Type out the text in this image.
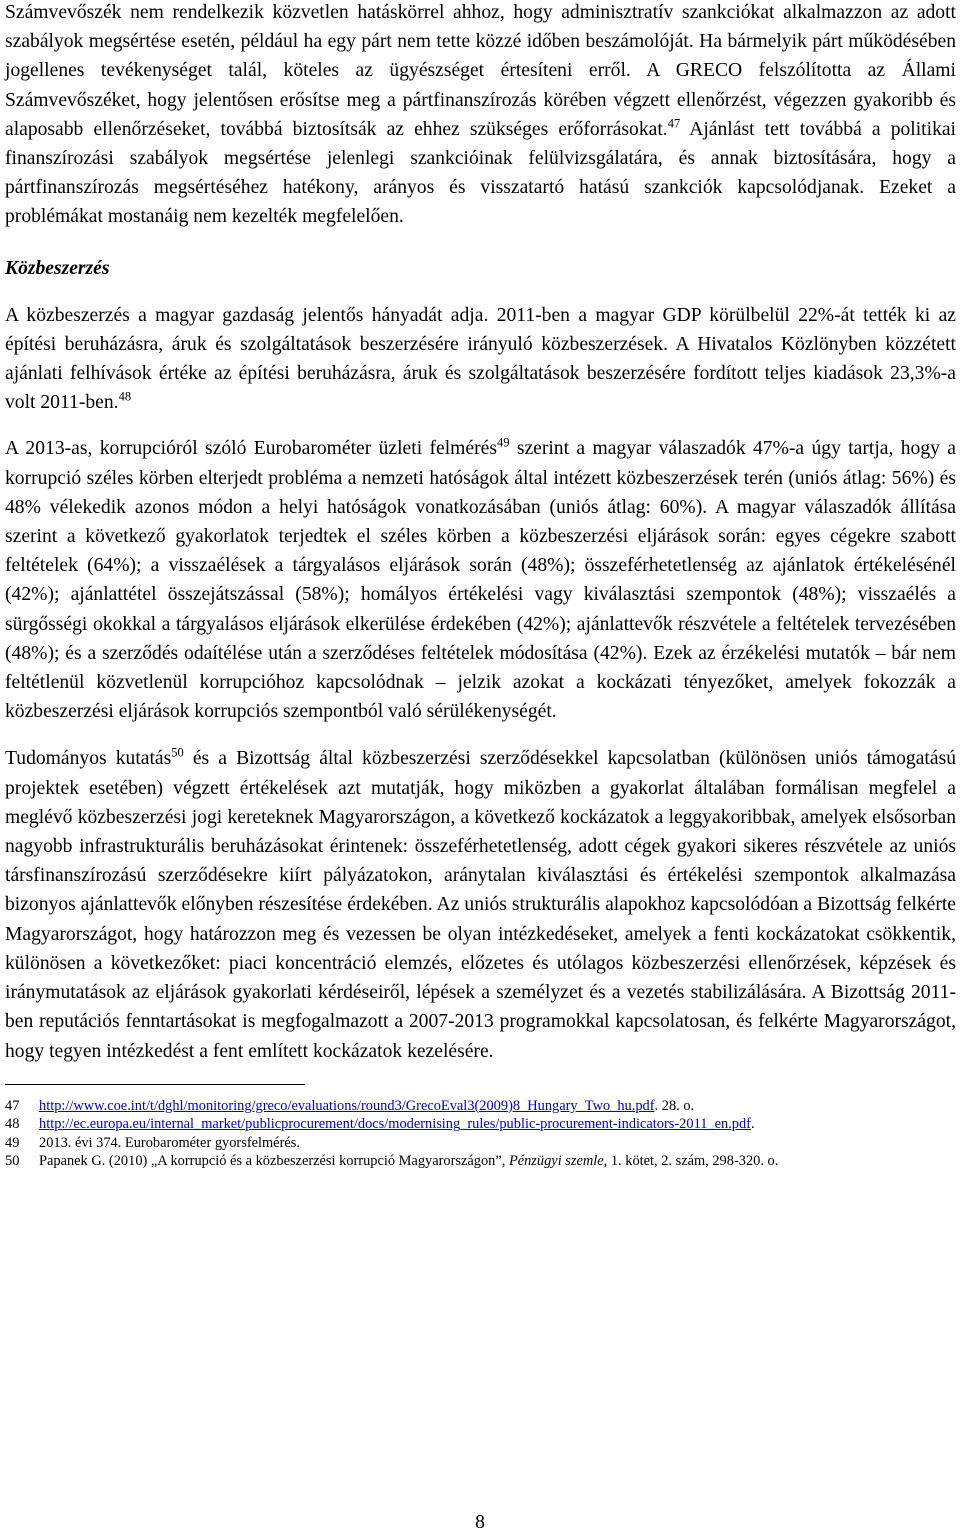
Számvevőszék nem rendelkezik közvetlen hatáskörrel ahhoz, hogy adminisztratív szankciókat alkalmazzon az adott szabályok megsértése esetén, például ha egy párt nem tette közzé időben beszámolóját. Ha bármelyik párt működésében jogellenes tevékenységet talál, köteles az ügyészséget értesíteni erről. A GRECO felszólította az Állami Számvevőszéket, hogy jelentősen erősítse meg a pártfinanszírozás körében végzett ellenőrzést, végezzen gyakoribb és alaposabb ellenőrzéseket, továbbá biztosítsák az ehhez szükséges erőforrásokat.$^{47}$ Ajánlást tett továbbá a politikai finanszírozási szabályok megsértése jelenlegi szankcióinak felülvizsgálatára, és annak biztosítására, hogy a pártfinanszírozás megsértéséhez hatékony, arányos és visszatartó hatású szankciók kapcsolódjanak. Ezeket a problémákat mostanáig nem kezelték megfelelően.

Közbeszerzés

A közbeszerzés a magyar gazdaság jelentős hányadát adja. 2011-ben a magyar GDP körülbelül 22%-át tették ki az építési beruházásra, áruk és szolgáltatások beszerzésére irányuló közbeszerzések. A Hivatalos Közlönyben közzétett ajánlati felhívások értéke az építési beruházásra, áruk és szolgáltatások beszerzésére fordított teljes kiadások 23,3%-a volt 2011-ben.$^{48}$

A 2013-as, korrupcióról szóló Eurobarométer üzleti felmérés$^{49}$ szerint a magyar válaszadók 47%-a úgy tartja, hogy a korrupció széles körben elterjedt probléma a nemzeti hatóságok által intézett közbeszerzések terén (uniós átlag: 56%) és 48% vélekedik azonos módon a helyi hatóságok vonatkozásában (uniós átlag: 60%). A magyar válaszadók állítása szerint a következő gyakorlatok terjedtek el széles körben a közbeszerzési eljárások során: egyes cégekre szabott feltételek (64%); a visszaélések a tárgyalásos eljárások során (48%); összeférhetetlenség az ajánlatok értékelésénél (42%); ajánlattétel összejátszással (58%); homályos értékelési vagy kiválasztási szempontok (48%); visszaélés a sürgősségi okokkal a tárgyalásos eljárások elkerülése érdekében (42%); ajánlattevők részvétele a feltételek tervezésében (48%); és a szerződés odaítélése után a szerződéses feltételek módosítása (42%). Ezek az érzékelési mutatók – bár nem feltétlenül közvetlenül korrupcióhoz kapcsolódnak – jelzik azokat a kockázati tényezőket, amelyek fokozzák a közbeszerzési eljárások korrupciós szempontból való sérülékenységét.

Tudományos kutatás$^{50}$ és a Bizottság által közbeszerzési szerződésekkel kapcsolatban (különösen uniós támogatású projektek esetében) végzett értékelések azt mutatják, hogy miközben a gyakorlat általában formálisan megfelel a meglévő közbeszerzési jogi kereteknek Magyarországon, a következő kockázatok a leggyakoribbak, amelyek elsősorban nagyobb infrastrukturális beruházásokat érintenek: összeférhetetlenség, adott cégek gyakori sikeres részvétele az uniós társfinanszírozású szerződésekre kiírt pályázatokon, aránytalan kiválasztási és értékelési szempontok alkalmazása bizonyos ajánlattevők előnyben részesítése érdekében. Az uniós strukturális alapokhoz kapcsolódóan a Bizottság felkérte Magyarországot, hogy határozzon meg és vezessen be olyan intézkedéseket, amelyek a fenti kockázatokat csökkentik, különösen a következőket: piaci koncentráció elemzés, előzetes és utólagos közbeszerzési ellenőrzések, képzések és iránymutatások az eljárások gyakorlati kérdéseiről, lépések a személyzet és a vezetés stabilizálására. A Bizottság 2011-ben reputációs fenntartásokat is megfogalmazott a 2007-2013 programokkal kapcsolatosan, és felkérte Magyarországot, hogy tegyen intézkedést a fent említett kockázatok kezelésére.

47	http://www.coe.int/t/dghl/monitoring/greco/evaluations/round3/GrecoEval3(2009)8_Hungary_Two_hu.pdf. 28. o.
48	http://ec.europa.eu/internal_market/publicprocurement/docs/modernising_rules/public-procurement-indicators-2011_en.pdf.
49	2013. évi 374. Eurobarométer gyorsfelmérés.
50	Papanek G. (2010) „A korrupció és a közbeszerzési korrupció Magyarországon”, Pénzügyi szemle, 1. kötet, 2. szám, 298-320. o.
8
